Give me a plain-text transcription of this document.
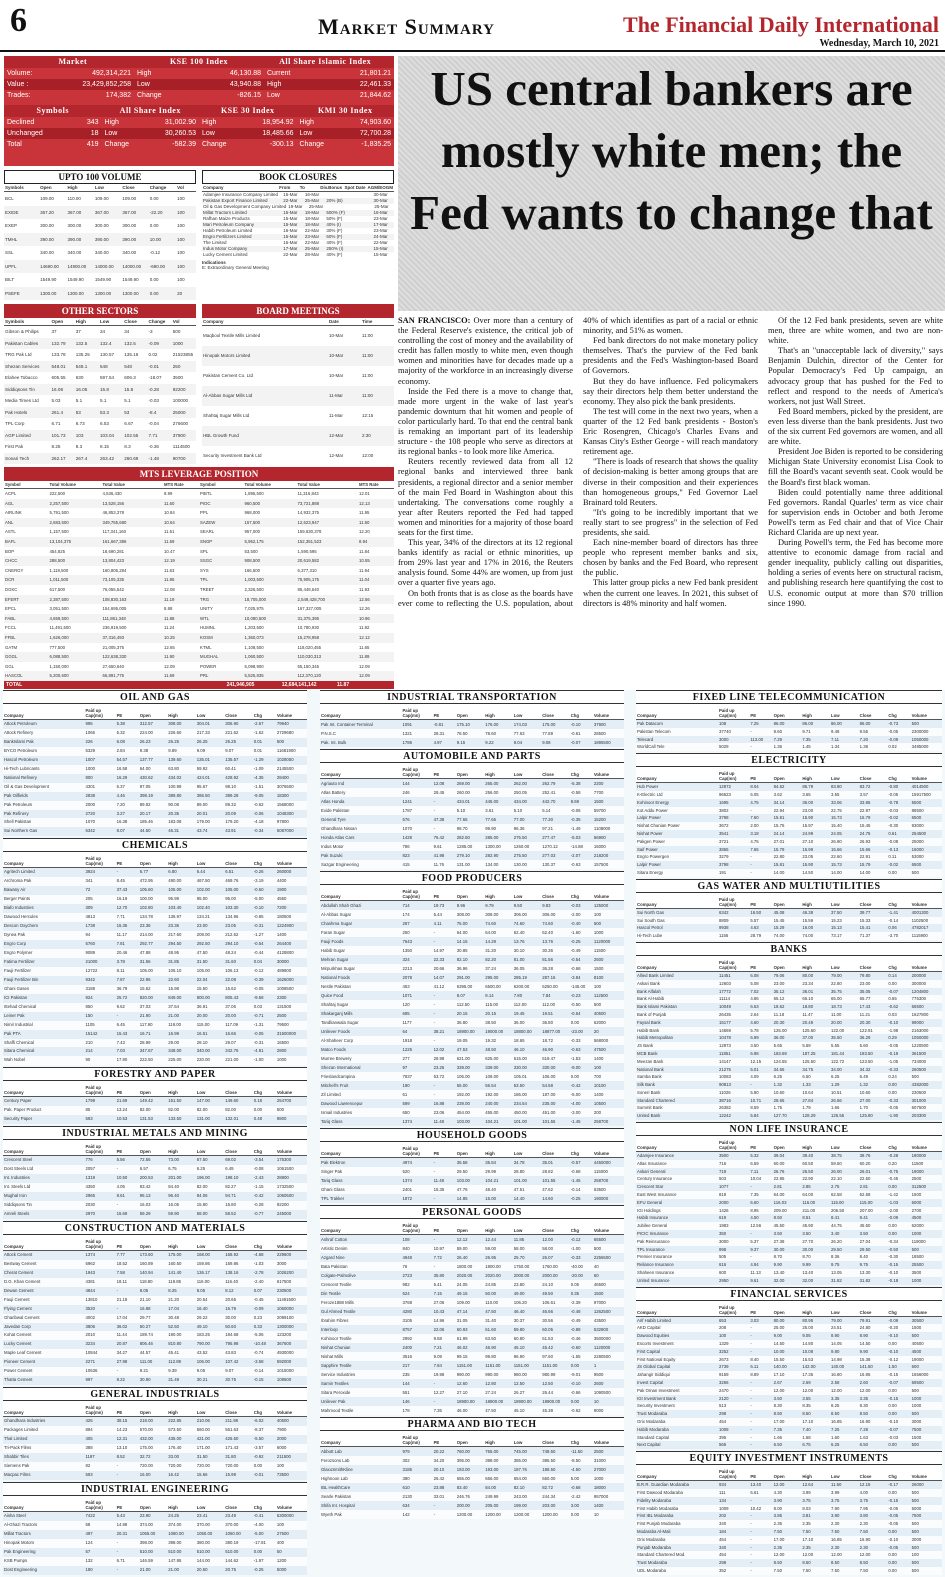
6	Market Summary	The Financial Daily International
Wednesday, March 10, 2021
Market	KSE 100 Index	All Share Islamic Index
Volume:	492,314,221 High	46,130.88 Current	21,801.21
Value :	23,429,852,258 Low	43,940.88 High	22,461.33
Trades:	174,382 Change	-826.15 Low	21,844.62
Symbols	All Share Index	KSE 30 Index	KMI 30 Index
Declined	343 High	31,002.90 High	18,954.92 High	74,903.60
Unchanged	18 Low	30,260.53 Low	18,485.66 Low	72,700.28
Total	419 Change	-582.39 Change	-300.13 Change	-1,835.25
UPTO 100 VOLUME
Symbols	Open	High	Low	Close	Change	Vol
BCL	109.00	110.00	109.00	109.00	0.00	100
EXIDE	367.20	367.00	367.00	367.00	-22.20	100
EXEP	300.00	300.00	300.00	300.00	0.00	100
TMHL	390.00	390.00	390.00	390.00	10.00	100
SSL	340.00	340.00	340.00	340.00	-0.12	100
UPFL	14690.00	14900.00	14000.00	14000.00	-690.00	100
BILT	1549.90	1549.90	1549.90	1549.90	0.00	100
PSEFE	1300.00	1300.00	1300.00	1300.00	0.00	20
BOOK CLOSURES
Company	From	To	Div.Bonus Spot Date AGM/EOGM
Adamjee Insurance Company Limited	15-Mar	16-Mar	30-Mar
Pakistan Export Finance Limited	22-Mar	25-Mar	20% (B)	30-Mar
Oil & Gas Development Company Limited 19-Mar	25-Mar	25-Mar
Millat Tractors Limited	15-Mar	18-Mar	500% (F)	16-Mar
Rafhan Maize Products	15-Mar	18-Mar	50% (F)	23-Mar
Mari Petroleum Company	15-Mar	18-Mar	40% (I)	17-Mar
Habib Petroleum Limited	16-Mar	22-Mar	30% (F)	23-Mar
Engro Fertilizers Limited	15-Mar	23-Mar	60% (F)	24-Mar
The Limited	15-Mar	22-Mar	40% (F)	22-Mar
Indus Motor Company	17-Mar	25-Mar	250% (I)	15-Mar
Lucky Cement Limited	22-Mar	28-Mar	40% (F)	15-Mar
Indications
E: Extraordinary General Meeting
OTHER SECTORS
Symbols	Open	High	Low	Close	Change	Vol
Gibson & Philips	37	37	34	34	-3	500
Pakistan Cables	132.79	132.5	132.4	132.5	-0.09	1000
TRG Pak Ltd	133.78	135.25	130.57	135.16	0.02	21523855
Shezan Services	548.01	548.1	548	548	-0.01	250
Elahee Tobacco	605.55	630	597.54	606.3	-18.07	3500
Siddiqsons Tin	16.08	16.05	15.8	15.8	-0.28	92200
Media Times Ltd	5.03	5.1	5.1	5.1	-0.03	100000
Pak Hotels	261.4	53	53.3	53	-8.4	25000
TPL Corp	6.71	6.73	6.53	6.67	-0.04	276600
AGP Limited	101.73	103	103.04	102.55	7.71	37900
First Pak	8.25	8.3	8.15	8.3	-0.36	1114500
Sonari Tech	262.17	267.4	263.42	260.69	-1.48	90700
BOARD MEETINGS
Company	Date	Time
Maqbool Textile Mills Limited	10-Mar	11:00
Hinopak Motors Limited	10-Mar	11:00
Pakistan Cement Co. Ltd	10-Mar	11:00
Al-Abbas Sugar Mills Ltd	11-Mar	11:00
Shahtaj Sugar Mills Ltd	11-Mar	12:15
HBL Growth Fund	12-Mar	2:30
Security Investment Bank Ltd	12-Mar	12:00
MTS LEVERAGE POSITION
Symbol	Total Volume	Total Value	MTS Rate	Symbol	Total Volume	Total Value	MTS Rate
ACPL	222,500	4,536,430	8.99	PIBTL	1,895,500	11,316,843	12.01
AGL	2,257,500	13,528,156	11.60	PIOC	960,500	73,721,888	12.13
AIRLINK	5,791,500	46,853,378	10.84	PPL	968,000	14,932,375	11.95
ANL	2,683,500	349,755,680	10.64	SAZEW	157,500	12,623,947	11.50
ASTL	1,157,500	117,341,160	11.51	SEARL	957,000	159,630,378	12.20
BAFL	13,104,375	161,667,386	11.59	SNGP	5,952,175	152,351,523	8.94
BOP	454,825	18,690,281	10.47	SPL	53,500	1,590,595	11.84
CHCC	288,500	13,804,423	12.19	SSGC	908,500	20,619,582	10.55
CNERGY	1,119,500	160,805,284	11.63	SYS	166,500	6,377,310	11.94
DCR	1,011,500	73,105,335	11.95	TPL	1,003,500	75,905,175	11.04
DGKC	617,500	76,055,542	12.08	TREET	2,326,500	85,448,640	11.93
EFERT	2,387,500	108,830,163	11.19	TRG	18,705,000	2,549,428,700	12.56
EPCL	3,051,500	154,695,005	8.88	UNITY	7,025,975	167,327,005	12.26
FABL	4,659,500	111,861,348	11.88	WTL	10,080,500	31,375,395	10.96
FCCL	11,491,500	236,919,500	11.24	HUMNL	1,203,500	10,780,930	11.92
FFBL	1,626,000	37,316,493	10.25	KOSM	1,360,073	15,278,958	12.12
GATM	777,500	21,005,375	12.65	KTML	1,108,500	118,020,455	11.65
GGGL	6,088,500	122,638,330	11.90	MUGHAL	1,060,500	110,030,313	11.89
GGL	1,150,000	27,650,640	12.09	POWER	5,098,900	55,150,345	12.09
HASCOL	5,200,600	66,891,775	11.69	PRL	5,525,835	112,370,120	12.09
TOTAL	241,946,905	12,684,141,142	11.87
US central bankers are mostly white men; the Fed wants to change that

SAN FRANCISCO: Over more than a century of the Federal Reserve's existence, the critical job of controlling the cost of money and the availability of credit has fallen mostly to white men, even though women and minorities have for decades made up a majority of the workforce in an increasingly diverse economy.

Inside the Fed there is a move to change that, made more urgent in the wake of last year's pandemic downturn that hit women and people of color particularly hard. To that end the central bank is remaking an important part of its leadership structure - the 108 people who serve as directors at its regional banks - to look more like America.

Reuters recently reviewed data from all 12 regional banks and interviewed three bank presidents, a regional director and a senior member of the main Fed Board in Washington about this undertaking. The conversations come roughly a year after Reuters reported the Fed had tapped women and minorities for a majority of those board seats for the first time.

This year, 34% of the directors at its 12 regional banks identify as racial or ethnic minorities, up from 29% last year and 17% in 2016, the Reuters analysis found. Some 44% are women, up from just over a quarter five years ago.

On both fronts that is as close as the boards have ever come to reflecting the U.S. population, about 40% of which identifies as part of a racial or ethnic minority, and 51% as women.

Fed bank directors do not make monetary policy themselves. That's the purview of the Fed bank presidents and the Fed's Washington-based Board of Governors.

But they do have influence. Fed policymakers say their directors help them better understand the economy. They also pick the bank presidents.

The test will come in the next two years, when a quarter of the 12 Fed bank presidents - Boston's Eric Rosengren, Chicago's Charles Evans and Kansas City's Esther George - will reach mandatory retirement age.

"There is loads of research that shows the quality of decision-making is better among groups that are diverse in their composition and their experiences than homogeneous groups," Fed Governor Lael Brainard told Reuters.

"It's going to be incredibly important that we really start to see progress" in the selection of Fed presidents, she said.

Each nine-member board of directors has three people who represent member banks and six, chosen by banks and the Fed Board, who represent the public.

This latter group picks a new Fed bank president when the current one leaves. In 2021, this subset of directors is 48% minority and half women.

Of the 12 Fed bank presidents, seven are white men, three are white women, and two are non-white.

That's an "unacceptable lack of diversity," says Benjamin Dulchin, director of the Center for Popular Democracy's Fed Up campaign, an advocacy group that has pushed for the Fed to reflect and respond to the needs of America's workers, not just Wall Street.

Fed Board members, picked by the president, are even less diverse than the bank presidents. Just two of the six current Fed governors are women, and all are white.

President Joe Biden is reported to be considering Michigan State University economist Lisa Cook to fill the Board's vacant seventh seat. Cook would be the Board's first black woman.

Biden could potentially name three additional Fed governors. Randal Quarles' term as vice chair for supervision ends in October and both Jerome Powell's term as Fed chair and that of Vice Chair Richard Clarida are up next year.

During Powell's term, the Fed has become more attentive to economic damage from racial and gender inequality, publicly calling out disparities, holding a series of events here on structural racism, and publishing research here quantifying the cost to U.S. economic output at more than $70 trillion since 1990.

OIL AND GAS
Company
Paid up Cap(mn)	PE	Open	High	Low	Close	Chg	Volume
Attock Petroleum	995	5.38	312.57	308.00	304.01	306.90	-2.67	79940
Attock Refinery	1066	5.32	224.00	226.60	217.33	221.62	-1.62	2729680
BankIslami Pak	226	6.08	26.23	26.25	26.25	26.25	0.01	500
BYCO Petroleum	5329	2.84	9.38	9.89	9.09	9.07	0.01	11681900
Hascol Petroleum	1007	54.57	137.77	139.60	135.01	135.57	-1.29	1028050
Hi-Tech Lubricants	1000	16.58	64.00	63.80	59.92	60.41	-1.09	2145500
National Refinery	800	16.29	430.62	434.02	424.01	428.92	-4.35	28400
Oil & Gas Development	4301	6.37	97.05	100.99	95.67	98.10	-1.51	3076500
Pak Oilfields	2838	4.46	398.19	389.80	386.50	389.28	-9.05	18300
Pak Petroleum	2000	7.20	89.92	90.08	89.00	89.32	-0.62	1568000
Pak Refinery	2720	3.27	20.17	20.35	20.01	20.09	-0.06	1048300
Shell Pakistan	1070	16.38	185.46	183.08	179.00	179.20	-4.18	97800
Sui Northern Gas	6342	8.07	44.50	46.31	43.74	43.91	-0.34	5087000
CHEMICALS
Company
Paid up Cap(mn)	PE	Open	High	Low	Close	Chg	Volume
Agritech Limited	3924	-	6.77	6.80	6.44	6.51	-0.26	260000
Archroma Pak	341	8.45	472.95	490.00	467.50	469.76	-3.19	4400
Bawany Air	72	37.43	105.60	105.00	102.00	105.00	-0.60	1900
Berger Paints	205	16.19	100.00	95.99	95.00	95.00	-5.00	4550
Biafo Industries	309	12.70	102.80	103.40	102.40	103.30	-0.10	7200
Dawood Hercules	4813	7.71	134.78	136.97	134.21	134.96	-0.85	180500
Descon Oxychem	1738	15.35	23.36	23.36	23.00	23.05	-0.31	1224900
Dynea Pak	94	11.17	214.00	217.60	208.00	212.62	-1.27	1400
Engro Corp	5760	7.81	292.77	294.50	292.50	294.10	-0.54	264400
Engro Polymer	9089	20.46	47.88	48.95	47.50	48.24	-0.44	4128800
Fatima Fertilizer	21000	3.78	31.56	31.85	31.50	31.60	0.04	30000
Fauji Fertilizer	12722	8.11	105.00	106.10	105.00	106.13	-0.12	489800
Fauji Fertilizer Bin	9342	7.87	22.95	22.60	22.04	22.08	-0.39	1626000
Ghani Gases	3188	36.79	15.62	15.98	15.50	15.62	-0.05	1008500
ICI Pakistan	924	25.72	820.00	849.00	800.00	805.43	-9.58	2300
Ittehad Chemical	850	9.62	37.03	37.54	36.91	37.06	0.03	131500
Leiner Pak	150	-	21.90	21.00	20.00	20.00	-0.71	2500
Nimir Industrial	1105	6.45	117.90	119.00	115.00	117.09	-1.31	79500
Pak PTA	15142	15.43	16.71	16.99	16.51	16.66	-0.05	31500000
Shaffi Chemical	210	7.43	28.99	29.00	28.10	29.07	-0.31	16500
Sitara Chemical	214	7.03	347.67	348.00	340.00	342.76	-4.91	2800
Wah Nobel	90	17.90	222.50	225.00	220.00	221.00	-1.00	1000
FORESTRY AND PAPER
Company
Paid up Cap(mn)	PE	Open	High	Low	Close	Chg	Volume
Century Paper	1799	21.69	149.42	151.50	147.00	149.60	0.18	254700
Pak. Paper Product	85	13.24	82.00	82.00	82.00	82.00	0.00	500
Security Paper	593	10.53	131.53	133.50	131.00	132.01	0.48	9800
INDUSTRIAL METALS AND MINING
Company
Paid up Cap(mn)	PE	Open	High	Low	Close	Chg	Volume
Crescent Steel	776	5.56	72.56	73.00	67.50	69.02	-3.54	175300
Dost Steels Ltd	2057	-	6.57	6.75	6.25	6.49	-0.08	1061500
Int. Industries	1319	10.50	200.53	201.00	196.00	198.10	-2.43	28800
Int. Steels Ltd	4350	4.05	83.42	84.40	82.00	82.27	-1.15	1732500
Mughal Iron	2965	8.61	95.13	96.40	94.06	94.71	-0.42	1060500
Siddiqsons Tin	2030	-	16.03	16.05	15.80	15.80	-0.28	92200
Amreli Steels	2970	15.69	59.29	59.90	58.00	58.52	-0.77	245000
CONSTRUCTION AND MATERIALS
Company
Paid up Cap(mn)	PE	Open	High	Low	Close	Chg	Volume
Attock Cement	1374	7.77	173.60	175.00	168.00	168.92	-4.68	229600
Bestway Cement	5962	18.52	160.89	160.50	159.86	159.86	-1.03	3000
Cherat Cement	1943	7.58	140.94	141.40	136.17	138.16	-2.78	1026200
D.G. Khan Cement	4381	18.11	118.80	119.85	116.00	116.40	-2.40	617500
Dewan Cement	4844	-	8.05	8.25	8.05	8.12	0.07	230500
Fauji Cement	13810	21.18	21.10	21.20	20.54	20.65	-0.45	11491500
Flying Cement	3520	-	16.88	17.04	16.40	16.79	-0.09	1060000
Gharibwal Cement	4002	17.04	29.77	30.48	29.22	30.00	0.23	2099100
Javedan Corp	3806	36.02	50.27	52.50	49.10	50.60	0.33	1300000
Kohat Cement	2010	11.44	189.74	190.00	183.25	184.68	-5.06	123200
Lucky Cement	3234	20.87	806.46	810.80	790.00	795.98	-10.48	367600
Maple Leaf Cement	10844	34.27	44.57	45.41	43.52	43.83	-0.74	4930000
Pioneer Cement	2271	27.98	111.00	112.89	106.00	107.42	-3.58	592000
Power Cement	10536	-	9.21	9.39	9.05	9.07	-0.14	1015000
Thatta Cement	997	8.22	30.90	31.49	30.21	30.75	-0.15	109500
GENERAL INDUSTRIALS
Company
Paid up Cap(mn)	PE	Open	High	Low	Close	Chg	Volume
Ghandhara Industries	426	38.15	218.00	222.85	210.06	211.98	-6.02	40500
Packages Limited	894	14.23	570.00	573.50	560.00	561.63	-8.37	7900
Thal Limited	405	12.31	432.00	435.00	421.00	426.50	-5.50	2000
Tri-Pack Films	388	13.10	175.00	176.40	171.00	171.43	-3.57	6000
Shabbir Tiles	1197	8.52	32.72	33.00	31.50	31.80	-0.92	211500
Siemens Pak	82	-	720.00	720.00	720.00	720.00	0.00	100
Macpac Films	593	-	16.00	16.42	15.66	15.99	-0.01	73500
INDUSTRIAL ENGINEERING
Company
Paid up Cap(mn)	PE	Open	High	Low	Close	Chg	Volume
Aisha Steel	7422	5.43	23.90	24.25	23.41	23.49	-0.41	5300000
Al-Ghazi Tractors	58	14.98	374.00	374.00	370.00	370.00	-4.00	100
Millat Tractors	497	20.31	1065.00	1080.00	1050.00	1060.00	-5.00	27500
Hinopak Motors	124	-	398.00	398.00	380.00	380.19	-17.81	400
Pak Engineering	57	-	510.00	510.00	510.00	510.00	0.00	50
KSB Pumps	132	6.71	146.59	147.95	144.00	144.62	-1.97	1200
Dost Engineering	180	-	21.00	21.00	20.50	20.75	-0.25	5000
INDUSTRIAL TRANSPORTATION
Company
Paid up Cap(mn)	PE	Open	High	Low	Close	Chg	Volume
Pak Int. Container Terminal	1091	-0.81	175.10	176.00	174.03	175.00	-0.10	37900
P.N.S.C	1321	28.31	78.50	78.60	77.63	77.89	-0.61	28500
Pak. Int. Bulk	1786	4.97	9.15	9.22	9.04	9.08	-0.07	1895500
AUTOMOBILE AND PARTS
Company
Paid up Cap(mn)	PE	Open	High	Low	Close	Chg	Volume
Agriauto Ind	144	12.08	269.00	265.00	262.00	262.79	-5.38	2200
Atlas Battery	246	28.45	260.00	256.00	250.05	252.41	-0.58	7700
Atlas Honda	1241	-	434.01	445.00	434.00	442.70	8.69	1500
Exide Pakistan	1787	-	5.10	3.61	5.10	5.14	-0.06	59700
General Tyre	576	47.38	77.65	77.65	77.00	77.30	-0.35	15200
Ghandhara Nissan	1070	-	98.70	99.90	96.36	97.21	-1.49	1108000
Honda Atlas Cars	1428	76.42	282.50	285.00	275.50	277.47	-5.03	56900
Indus Motor	786	9.61	1285.00	1300.00	1260.00	1270.12	-14.88	15000
Pak Suzuki	823	41.98	279.10	282.90	275.50	277.03	-2.07	218200
Sazgar Engineering	415	11.76	131.00	134.00	130.00	130.37	-0.63	157500
FOOD PRODUCERS
Company
Paid up Cap(mn)	PE	Open	High	Low	Close	Chg	Volume
Abdullah Shah Ghazi	714	19.73	9.96	9.79	9.50	9.83	-0.03	125000
Al-Abbas Sugar	174	5.44	308.00	308.00	306.00	306.00	-2.00	100
Chashma Sugar	287	4.11	75.00	74.60	74.60	74.60	-0.40	500
Faran Sugar	250	-	64.00	64.00	62.40	62.40	-1.60	1000
Fauji Foods	7643	-	14.15	14.29	13.76	13.76	-0.25	1120000
Habib Sugar	1350	14.97	30.85	31.20	30.10	30.36	-0.49	11500
Mehran Sugar	324	22.33	82.10	82.20	81.00	81.56	-0.54	2500
Mirpurkhas Sugar	2213	20.66	36.96	37.24	36.05	36.28	-0.68	1500
National Foods	2078	14.07	291.00	295.00	285.19	287.16	-3.84	8100
Nestle Pakistan	453	41.12	6395.00	6500.00	6200.00	6250.00	-145.00	100
Quice Food	1071	-	8.07	8.14	7.80	7.84	-0.23	112500
Shahtaj Sugar	120	-	112.50	115.00	112.00	112.00	-0.50	500
Shakarganj Mills	695	-	20.15	20.15	19.45	19.51	-0.64	40500
Tandlianwala Sugar	1177	-	36.80	38.50	36.00	36.80	0.00	62000
Unilever Foods	64	38.21	18900.00	19000.00	18800.00	18877.00	-23.00	20
Al-Shaheer Corp	1918	-	19.05	19.32	18.65	18.72	-0.33	568000
Matco Foods	1225	12.02	47.53	48.50	46.10	46.90	-0.63	47500
Murree Brewery	277	28.98	621.00	625.00	615.00	619.47	-1.53	1400
Shezan International	97	23.25	339.00	339.00	330.00	330.00	-9.00	100
Frieslandcampina	7837	53.72	106.00	108.00	105.01	106.00	0.00	700
Mitchell's Fruit	190	-	55.00	56.54	53.50	54.58	-0.42	10100
Zil Limited	61	-	192.00	192.00	186.00	187.00	-5.00	1400
Dawood Lawrencepur	599	16.88	239.00	240.00	234.54	235.00	-4.00	10500
Ismail Industries	650	23.06	454.00	455.00	450.00	451.00	-3.00	200
Tariq Glass	1374	11.48	103.00	104.21	101.00	101.55	-1.45	258700
HOUSEHOLD GOODS
Company
Paid up Cap(mn)	PE	Open	High	Low	Close	Chg	Volume
Pak Elektron	4974	-	35.58	35.84	34.78	35.01	-0.57	4450000
Singer Pak	520	-	29.50	29.99	28.80	28.82	-0.68	115000
Tariq Glass	1374	11.48	103.00	104.21	101.00	101.55	-1.45	258700
Ghani Glass	2401	15.35	47.76	48.40	47.51	47.62	-0.14	63500
TPL Trakker	1872	-	14.85	15.00	14.40	14.60	-0.25	190000
PERSONAL GOODS
Company
Paid up Cap(mn)	PE	Open	High	Low	Close	Chg	Volume
Ashraf Cotton	108	-	12.12	12.44	11.85	12.00	-0.12	65500
Artistic Denim	840	10.97	59.00	59.00	58.00	58.00	-1.00	500
Azgard Nine	4948	7.72	26.40	26.95	25.70	26.07	-0.33	2256500
Bata Pakistan	76	-	1800.00	1800.00	1750.00	1760.00	-40.00	40
Colgate-Palmolive	2723	35.80	2020.00	2020.00	2000.00	2000.00	-20.00	60
Crescent Textile	982	5.41	24.05	24.85	23.80	24.10	0.05	46500
Din Textile	524	7.15	49.15	50.00	49.00	49.50	0.35	1500
Feroze1888 Mills	3768	27.06	109.00	110.00	106.20	106.61	-2.39	97000
Gul Ahmed Textile	4280	10.43	47.14	47.50	46.40	46.66	-0.48	1262500
Ibrahim Fibres	3105	14.96	31.05	31.40	30.37	30.56	-0.49	43500
Interloop	8757	22.06	60.93	61.60	59.80	60.05	-0.88	532900
Kohinoor Textile	2992	9.58	61.99	63.50	60.80	61.53	-0.46	3500000
Nishat Chunian	2400	7.21	46.02	46.90	45.10	45.42	-0.60	1120000
Nishat Mills	3516	9.09	99.15	99.80	96.90	97.60	-1.55	2280500
Sapphire Textile	217	7.84	1151.00	1151.00	1151.00	1151.00	0.00	1
Service Industries	235	19.98	990.00	990.00	980.00	980.99	-9.01	9500
Samin Textiles	144	-	12.60	12.80	12.50	12.50	-0.10	2500
Sitara Peroxide	551	12.27	27.10	27.24	26.27	26.44	-0.66	1090500
Unilever Pak	146	-	18900.00	18900.00	18900.00	18900.00	0.00	10
Mahmood Textile	178	7.35	46.00	47.50	45.10	45.38	-0.62	9000
PHARMA AND BIO TECH
Company
Paid up Cap(mn)	PE	Open	High	Low	Close	Chg	Volume
Abbott Lab	979	20.22	760.00	765.00	745.00	748.50	-11.50	2500
Ferozsons Lab	302	34.20	395.00	398.00	385.00	386.50	-8.50	31000
GlaxoSmithKline	3185	20.10	193.00	193.00	187.76	188.50	-4.50	27000
Highnoon Lab	380	26.42	655.00	666.00	654.00	660.00	5.00	1000
IBL HealthCare	610	23.88	83.40	84.00	82.10	82.72	-0.68	18000
Searle Pakistan	2130	33.01	246.76	249.99	243.00	244.34	-2.42	957000
Shifa Int. Hospital	634	-	200.00	205.00	199.00	203.00	3.00	1400
Wyeth Pak	142	-	1200.00	1200.00	1200.00	1200.00	0.00	10
FIXED LINE TELECOMMUNICATION
Company
Paid up Cap(mn)	PE	Open	High	Low	Close	Chg	Volume
Pak Datacom	108	7.25	86.00	86.00	86.00	86.00	-0.73	500
Pakistan Telecom	37740	-	9.60	9.71	9.48	9.55	-0.05	2300000
Telecard	3000	113.00	7.29	7.35	7.11	7.20	-0.09	1050000
WorldCall Tele	5029	-	1.36	1.45	1.34	1.38	0.02	3485000
ELECTRICITY
Company
Paid up Cap(mn)	PE	Open	High	Low	Close	Chg	Volume
Hub Power	12972	8.04	84.62	85.79	83.80	83.72	-0.80	4014500
K-Electric Ltd	96623	6.05	3.62	3.65	3.55	3.57	-0.05	15917500
Kohinoor Energy	1695	4.75	34.14	36.00	33.06	33.86	-0.78	5500
Kot Addu Power	3802	-	22.94	23.00	22.75	22.97	-0.03	88500
Lalpir Power	3798	7.60	15.81	15.90	15.73	15.79	-0.02	6500
Nishat Chunian Power	3672	2.00	15.75	15.97	15.40	15.45	-0.30	93000
Nishat Power	3541	3.18	24.14	24.99	24.05	24.75	0.61	254500
Pakgen Power	3721	4.75	27.01	27.10	26.90	26.93	-0.08	25000
Saif Power	3865	7.65	15.79	15.99	15.66	15.66	-0.13	16000
Engro Powergen	3279	-	22.80	23.05	22.60	22.91	0.11	53000
Lalpir Power	3798	-	15.81	15.90	15.73	15.79	-0.02	6500
Sitara Energy	191	-	14.00	14.50	14.00	14.00	0.00	500
GAS WATER AND MULTIUTILITIES
Company
Paid up Cap(mn)	PE	Open	High	Low	Close	Chg	Volume
Sui North Gas	6342	16.50	45.08	46.38	37.50	39.77	-1.41	4001300
Sui South Gas	8809	5.57	15.45	15.59	15.23	15.33	-0.14	1102500
Hascol Petrol	9938	4.63	15.29	16.00	15.13	15.41	0.06	4782017
Hi-Tech Lube	1156	28.79	74.00	74.00	73.17	71.37	-3.70	1115900
BANKS
Company
Paid up Cap(mn)	PE	Open	High	Low	Close	Chg	Volume
Allied Bank Limited	11451	6.08	79.06	80.00	79.00	79.80	0.14	200000
Askari Bank	12603	5.08	23.00	23.34	22.80	23.00	0.00	300000
Bank Alfalah	17772	7.02	35.12	36.01	35.75	35.05	-0.07	1204800
Bank Al-Habib	11114	4.86	65.12	66.10	65.00	65.77	0.65	775300
Bank Islami Pakistan	10049	6.63	18.62	18.80	18.73	17.43	-0.62	66500
Bank of Punjab	26435	2.64	11.18	11.47	11.00	11.21	0.03	1627800
Faysal Bank	15177	4.60	20.30	20.49	20.00	20.30	-0.10	99000
Habib Bank	14669	5.78	125.00	125.60	122.00	122.91	-1.98	2163000
Habib Metropolitan	10478	6.99	36.00	37.00	35.50	36.29	0.29	1050000
JS Bank	12973	3.50	5.65	5.69	5.55	5.60	-0.05	1220500
MCB Bank	11851	6.98	183.69	187.25	181.44	183.50	-0.19	361500
Meezan Bank	14147	12.15	124.55	125.50	122.72	123.50	-1.05	734000
National Bank	21275	5.01	34.65	34.75	34.00	34.32	-0.33	260500
Samba Bank	10083	4.09	6.25	6.50	6.25	6.49	0.24	500
Silk Bank	90813	-	1.32	1.33	1.29	1.32	0.00	4382000
Soneri Bank	11026	5.90	10.60	10.64	10.51	10.60	0.00	230500
Standard Chartered	38716	10.71	28.65	27.84	26.56	27.00	-0.33	301000
Summit Bank	26382	8.59	1.75	1.79	1.66	1.70	-0.05	607500
United Bank	12242	5.84	127.70	128.29	125.55	125.80	-1.90	203300
NON LIFE INSURANCE
Company
Paid up Cap(mn)	PE	Open	High	Low	Close	Chg	Volume
Adamjee Insurance	3500	5.32	39.04	39.40	38.75	38.76	-0.28	180000
Atlas Insurance	716	6.59	60.00	60.50	59.50	60.20	0.20	11500
Askari General	719	7.11	26.76	26.50	26.00	26.01	-0.75	19000
Century Insurance	503	10.04	22.95	22.90	22.10	22.50	-0.45	2500
Crescent Star	1077	-	2.81	2.85	2.75	2.81	0.00	312500
East West Insurance	819	7.35	64.00	64.00	62.58	62.58	-1.42	1500
EFU General	2000	6.60	116.03	116.00	115.00	115.00	-1.03	6000
IGI Holdings	1426	8.95	209.00	211.00	206.50	207.00	-2.00	2700
Habib Insurance	619	4.50	8.50	8.51	8.41	8.41	-0.09	4500
Jubilee General	1983	12.56	45.50	45.90	44.75	45.50	0.00	62000
PICIC Insurance	350	-	3.50	3.50	3.40	3.50	0.00	1000
Pak Reinsurance	3000	5.37	27.38	27.70	26.20	27.04	-0.34	119000
TPL Insurance	998	9.37	30.00	30.00	29.50	29.50	-0.50	500
Premier Insurance	505	-	8.70	8.70	8.36	8.40	-0.30	18500
Reliance Insurance	616	4.94	9.90	9.99	9.75	9.75	-0.15	25500
Shaheen Insurance	600	11.13	13.40	13.40	13.05	13.30	-0.10	3500
United Insurance	2950	9.61	32.00	32.00	31.82	31.82	-0.18	1000
FINANCIAL SERVICES
Company
Paid up Cap(mn)	PE	Open	High	Low	Close	Chg	Volume
Arif Habib Limited	653	3.03	80.00	80.95	79.00	79.91	-0.09	30500
AKD Capital	208	-	25.00	25.00	24.51	24.80	-0.20	1500
Dawood Equities	100	-	9.00	9.05	8.90	8.90	-0.10	500
Escorts Investment	1329	-	14.50	14.80	14.05	14.50	0.00	40500
First Capital	3252	-	10.00	10.08	9.80	9.90	-0.10	4500
First National Equity	2673	8.40	15.50	15.53	14.98	15.38	-0.12	19000
JS Global Capital	2739	6.11	140.00	142.00	140.00	141.50	1.50	600
Jahangir Siddiqui	9159	8.89	17.10	17.35	16.80	16.95	-0.15	1656000
Invest Capital	3266	-	2.67	2.69	2.58	2.60	-0.07	69500
Pak Oman Investment	2470	-	12.00	12.00	12.00	12.00	0.00	500
IGI Investment Bank	2120	-	3.50	3.55	3.35	3.35	-0.15	1000
Security Investment	513	-	8.30	8.35	8.25	8.30	0.00	1000
Trust Modaraba	298	-	8.50	8.50	8.50	8.50	0.00	500
Orix Modaraba	454	-	17.00	17.10	16.85	16.90	-0.10	3000
Habib Modaraba	1008	-	7.35	7.40	7.25	7.28	-0.07	7500
Standard Capital	395	-	1.66	1.68	1.60	1.63	-0.03	1500
Next Capital	566	-	6.50	6.75	6.25	6.50	0.00	500
EQUITY INVESTMENT INSTRUMENTS
Company
Paid up Cap(mn)	PE	Open	High	Low	Close	Chg	Volume
B.R.R. Guardian Modaraba	934	13.40	12.00	12.64	11.50	12.15	-0.17	26000
First Dawood Modaraba	111	6.61	4.30	3.99	3.99	4.00	0.00	500
Fidelity Modaraba	134	-	3.90	3.75	3.75	3.75	-0.15	500
First Habib Modaraba	1009	10.42	8.00	8.03	7.90	7.95	-0.05	5000
First IBL Modaraba	202	-	3.85	3.81	3.80	3.80	-0.05	7500
First Punjab Modaraba	340	-	2.35	2.35	2.30	2.30	-0.05	500
Modaraba Al-Mali	184	-	7.50	7.50	7.50	7.50	0.00	500
Orix Modaraba	454	-	17.00	17.10	16.85	16.90	-0.10	3000
Punjab Modaraba	340	-	2.35	2.35	2.30	2.30	-0.05	500
Standard Chartered Mod.	454	-	12.00	12.00	12.00	12.00	0.00	100
Trust Modaraba	298	-	8.50	8.50	8.50	8.50	0.00	500
UDL Modaraba	352	-	7.50	7.50	7.50	7.50	0.00	500
